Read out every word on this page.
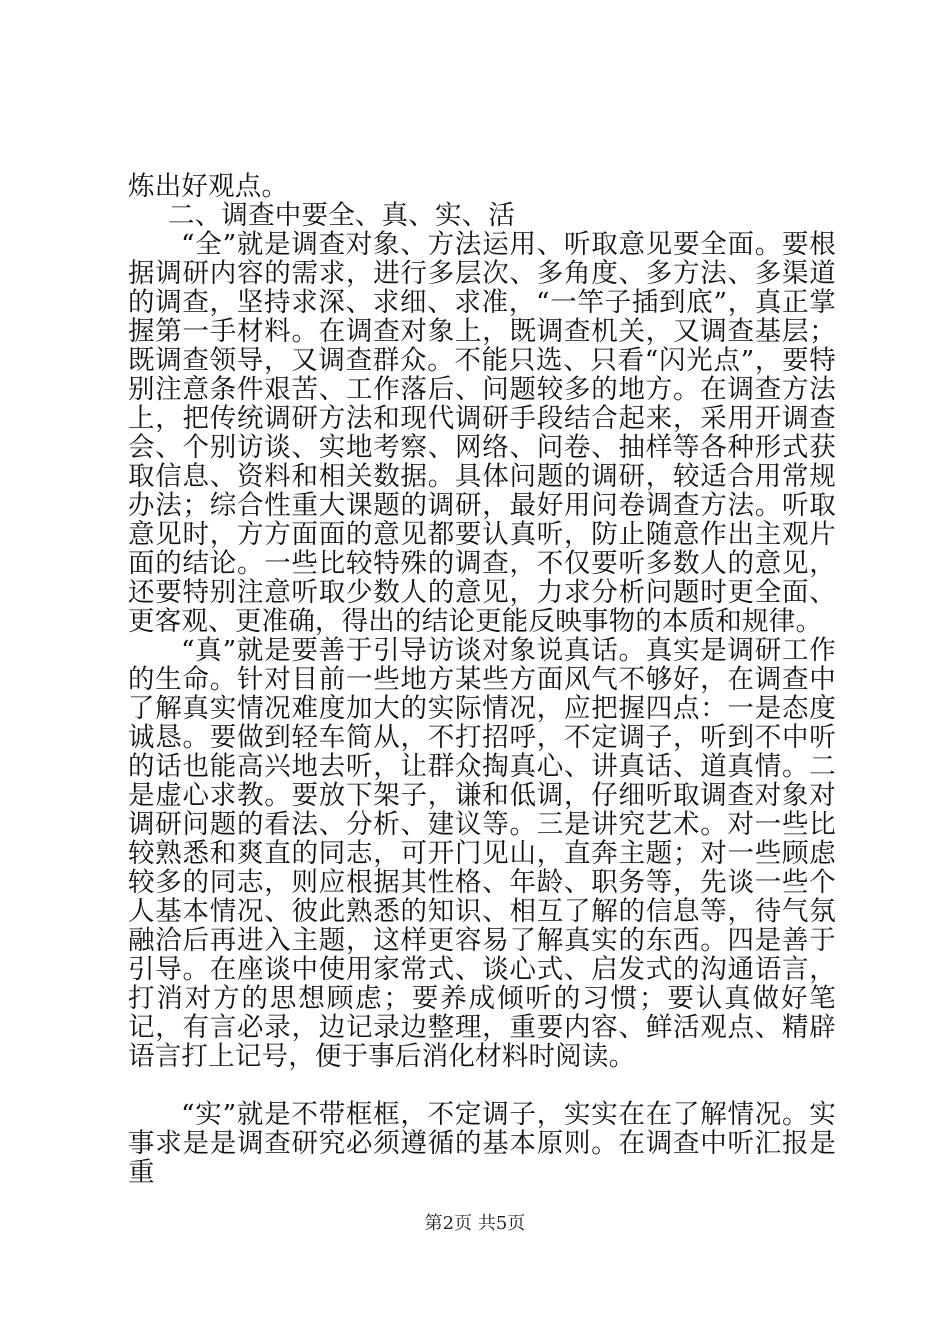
炼出好观点。

二、调查中要全、真、实、活

“全”就是调查对象、方法运用、听取意见要全面。要根据调研内容的需求，进行多层次、多角度、多方法、多渠道的调查，坚持求深、求细、求准，“一竿子插到底”，真正掌握第一手材料。在调查对象上，既调查机关，又调查基层；既调查领导，又调查群众。不能只选、只看“闪光点”，要特别注意条件艰苦、工作落后、问题较多的地方。在调查方法上，把传统调研方法和现代调研手段结合起来，采用开调查会、个别访谈、实地考察、网络、问卷、抽样等各种形式获取信息、资料和相关数据。具体问题的调研，较适合用常规办法；综合性重大课题的调研，最好用问卷调查方法。听取意见时，方方面面的意见都要认真听，防止随意作出主观片面的结论。一些比较特殊的调查，不仅要听多数人的意见，还要特别注意听取少数人的意见，力求分析问题时更全面、更客观、更准确，得出的结论更能反映事物的本质和规律。

“真”就是要善于引导访谈对象说真话。真实是调研工作的生命。针对目前一些地方某些方面风气不够好，在调查中了解真实情况难度加大的实际情况，应把握四点：一是态度诚恳。要做到轻车简从，不打招呼，不定调子，听到不中听的话也能高兴地去听，让群众掏真心、讲真话、道真情。二是虚心求教。要放下架子，谦和低调，仔细听取调查对象对调研问题的看法、分析、建议等。三是讲究艺术。对一些比较熟悉和爽直的同志，可开门见山，直奔主题；对一些顾虑较多的同志，则应根据其性格、年龄、职务等，先谈一些个人基本情况、彼此熟悉的知识、相互了解的信息等，待气氛融洽后再进入主题，这样更容易了解真实的东西。四是善于引导。在座谈中使用家常式、谈心式、启发式的沟通语言，打消对方的思想顾虑；要养成倾听的习惯；要认真做好笔记，有言必录，边记录边整理，重要内容、鲜活观点、精辟语言打上记号，便于事后消化材料时阅读。

“实”就是不带框框，不定调子，实实在在了解情况。实事求是是调查研究必须遵循的基本原则。在调查中听汇报是重

第2页 共5页
